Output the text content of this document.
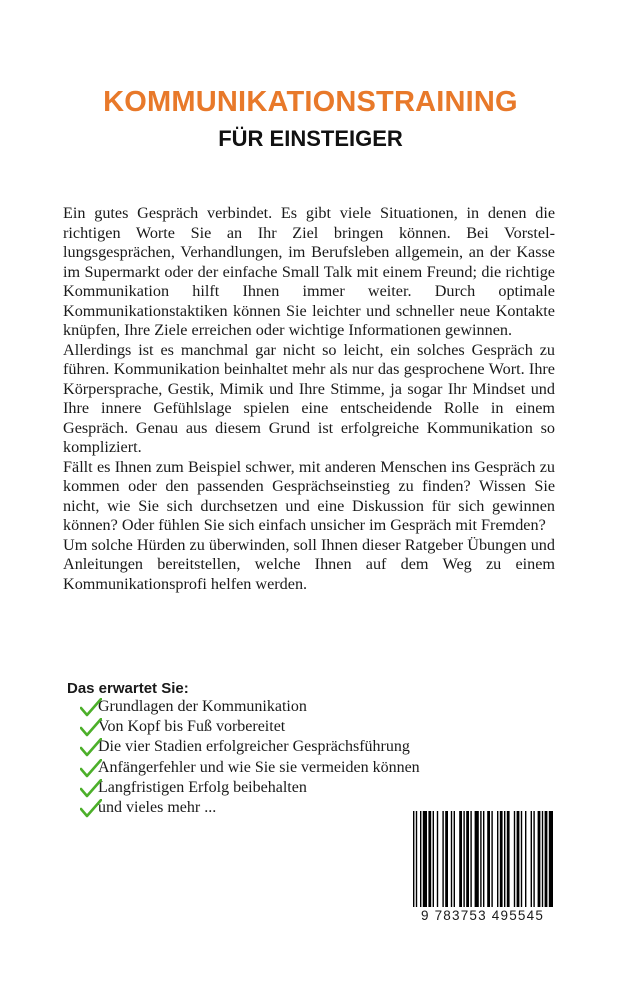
KOMMUNIKATIONSTRAINING
FÜR EINSTEIGER

Ein gutes Gespräch verbindet. Es gibt viele Situationen, in denen die richtigen Worte Sie an Ihr Ziel bringen können. Bei Vorstellungsgesprächen, Verhandlungen, im Berufsleben allgemein, an der Kasse im Supermarkt oder der einfache Small Talk mit einem Freund; die richtige Kommunikation hilft Ihnen immer weiter. Durch optimale Kommunikationstaktiken können Sie leichter und schneller neue Kontakte knüpfen, Ihre Ziele erreichen oder wichtige Informationen gewinnen.

Allerdings ist es manchmal gar nicht so leicht, ein solches Gespräch zu führen. Kommunikation beinhaltet mehr als nur das gesprochene Wort. Ihre Körpersprache, Gestik, Mimik und Ihre Stimme, ja sogar Ihr Mindset und Ihre innere Gefühlslage spielen eine entscheidende Rolle in einem Gespräch. Genau aus diesem Grund ist erfolgreiche Kommunikation so kompliziert.

Fällt es Ihnen zum Beispiel schwer, mit anderen Menschen ins Gespräch zu kommen oder den passenden Gesprächseinstieg zu finden? Wissen Sie nicht, wie Sie sich durchsetzen und eine Diskussion für sich gewinnen können? Oder fühlen Sie sich einfach unsicher im Gespräch mit Fremden?

Um solche Hürden zu überwinden, soll Ihnen dieser Ratgeber Übungen und Anleitungen bereitstellen, welche Ihnen auf dem Weg zu einem Kommunikationsprofi helfen werden.

Das erwartet Sie:
Grundlagen der Kommunikation
Von Kopf bis Fuß vorbereitet
Die vier Stadien erfolgreicher Gesprächsführung
Anfängerfehler und wie Sie sie vermeiden können
Langfristigen Erfolg beibehalten
und vieles mehr ...
9 783753 495545
